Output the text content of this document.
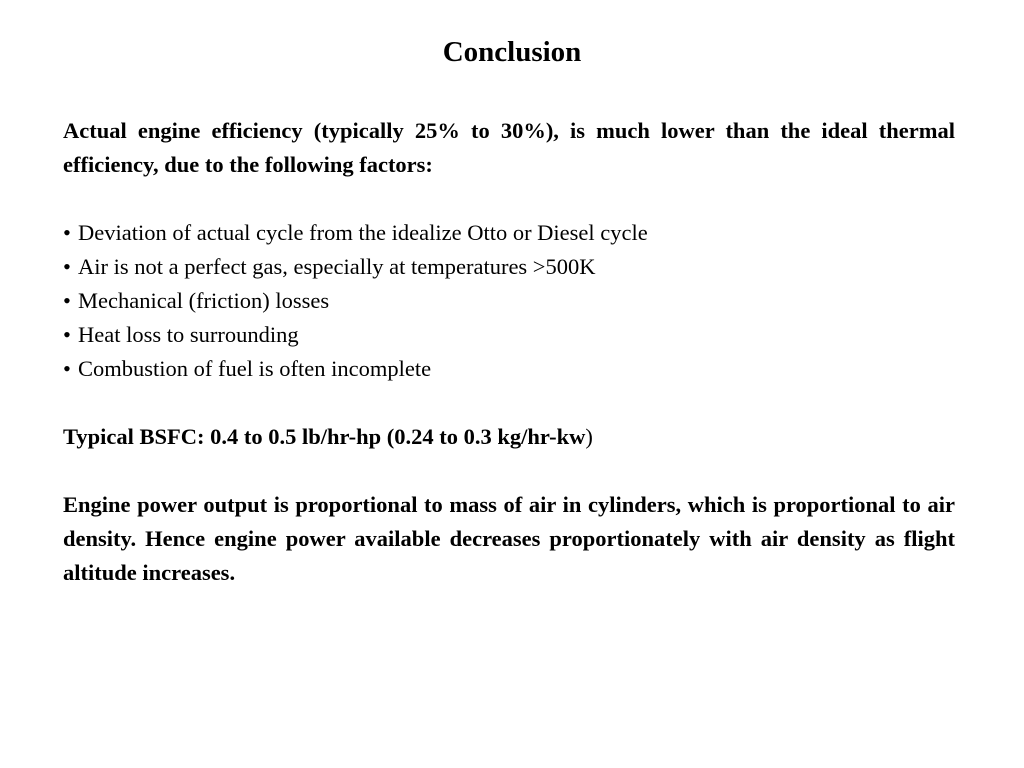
Conclusion

Actual engine efficiency (typically 25% to 30%), is much lower than the ideal thermal efficiency, due to the following factors:

• Deviation of actual cycle from the idealize Otto or Diesel cycle
• Air is not a perfect gas, especially at temperatures >500K
• Mechanical (friction) losses
• Heat loss to surrounding
• Combustion of fuel is often incomplete

Typical BSFC: 0.4 to 0.5 lb/hr-hp (0.24 to 0.3 kg/hr-kw)

Engine power output is proportional to mass of air in cylinders, which is proportional to air density. Hence engine power available decreases proportionately with air density as flight altitude increases.
